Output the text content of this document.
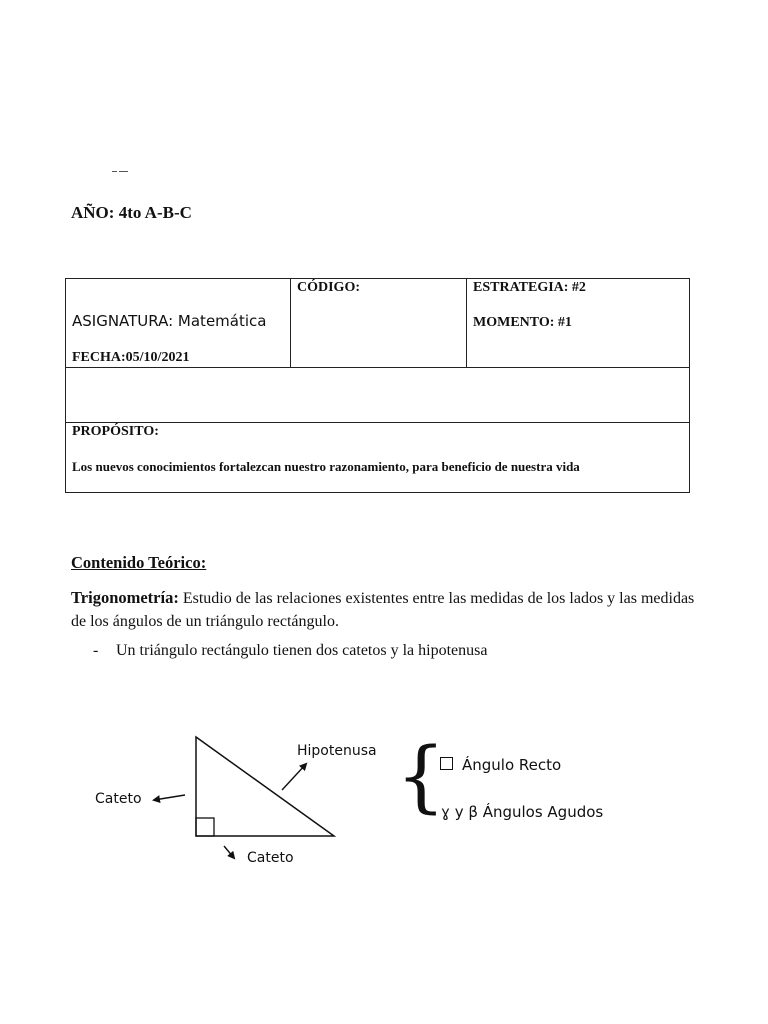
AÑO: 4to A-B-C
ASIGNATURA: Matemática
FECHA:05/10/2021
CÓDIGO:	ESTRATEGIA: #2
MOMENTO: #1
PROPÓSITO:
Los nuevos conocimientos fortalezcan nuestro razonamiento, para beneficio de nuestra vida
Contenido Teórico:
Trigonometría: Estudio de las relaciones existentes entre las medidas de los lados y las medidas de los ángulos de un triángulo rectángulo.
- Un triángulo rectángulo tienen dos catetos y la hipotenusa
Hipotenusa
Cateto
Cateto
{ Ángulo Recto
ɣ y β Ángulos Agudos
